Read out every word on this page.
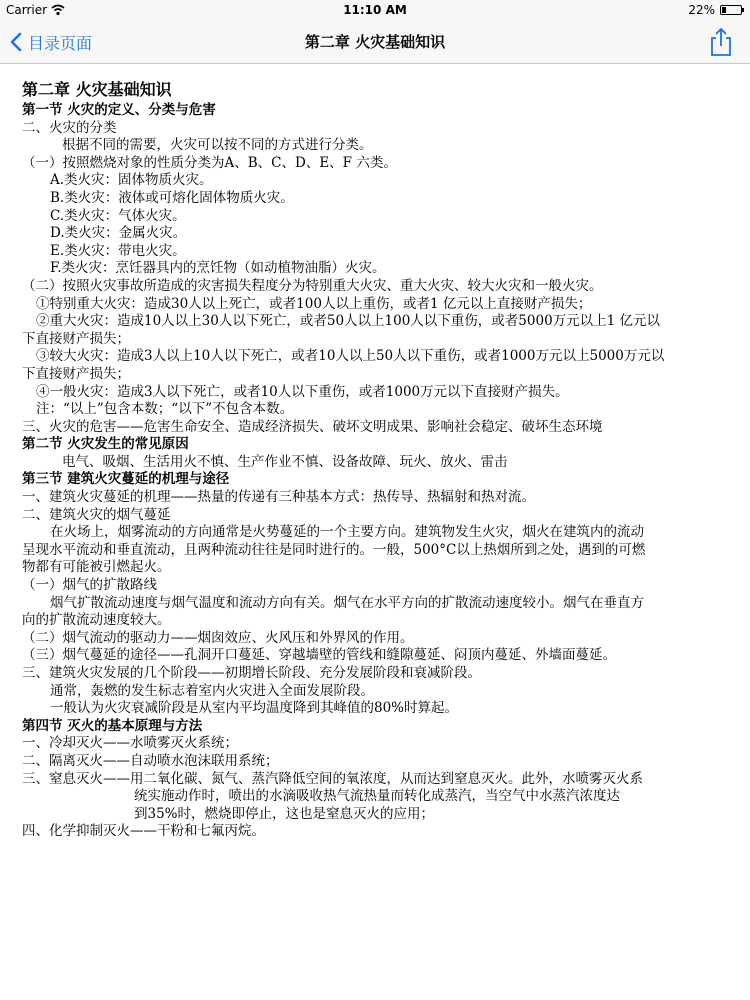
Carrier	11:10 AM	22%
目录页面	第二章 火灾基础知识
第二章 火灾基础知识
第一节 火灾的定义、分类与危害
二、火灾的分类
根据不同的需要，火灾可以按不同的方式进行分类。
（一）按照燃烧对象的性质分类为A、B、C、D、E、F 六类。
A.类火灾：固体物质火灾。
B.类火灾：液体或可熔化固体物质火灾。
C.类火灾：气体火灾。
D.类火灾：金属火灾。
E.类火灾：带电火灾。
F.类火灾：烹饪器具内的烹饪物（如动植物油脂）火灾。
（二）按照火灾事故所造成的灾害损失程度分为特别重大火灾、重大火灾、较大火灾和一般火灾。
①特别重大火灾：造成30人以上死亡，或者100人以上重伤，或者1 亿元以上直接财产损失；
②重大火灾：造成10人以上30人以下死亡，或者50人以上100人以下重伤，或者5000万元以上1 亿元以
下直接财产损失；
③较大火灾：造成3人以上10人以下死亡，或者10人以上50人以下重伤，或者1000万元以上5000万元以
下直接财产损失；
④一般火灾：造成3人以下死亡，或者10人以下重伤，或者1000万元以下直接财产损失。
注：“以上”包含本数；“以下”不包含本数。
三、火灾的危害——危害生命安全、造成经济损失、破坏文明成果、影响社会稳定、破坏生态环境
第二节 火灾发生的常见原因
电气、吸烟、生活用火不慎、生产作业不慎、设备故障、玩火、放火、雷击
第三节 建筑火灾蔓延的机理与途径
一、建筑火灾蔓延的机理——热量的传递有三种基本方式：热传导、热辐射和热对流。
二、建筑火灾的烟气蔓延
在火场上，烟雾流动的方向通常是火势蔓延的一个主要方向。建筑物发生火灾，烟火在建筑内的流动
呈现水平流动和垂直流动，且两种流动往往是同时进行的。一般，500°C以上热烟所到之处，遇到的可燃
物都有可能被引燃起火。
（一）烟气的扩散路线
烟气扩散流动速度与烟气温度和流动方向有关。烟气在水平方向的扩散流动速度较小。烟气在垂直方
向的扩散流动速度较大。
（二）烟气流动的驱动力——烟囱效应、火风压和外界风的作用。
（三）烟气蔓延的途径——孔洞开口蔓延、穿越墙壁的管线和缝隙蔓延、闷顶内蔓延、外墙面蔓延。
三、建筑火灾发展的几个阶段——初期增长阶段、充分发展阶段和衰减阶段。
通常，轰燃的发生标志着室内火灾进入全面发展阶段。
一般认为火灾衰减阶段是从室内平均温度降到其峰值的80%时算起。
第四节 灭火的基本原理与方法
一、冷却灭火——水喷雾灭火系统；
二、隔离灭火——自动喷水泡沫联用系统；
三、窒息灭火——用二氧化碳、氮气、蒸汽降低空间的氧浓度，从而达到窒息灭火。此外，水喷雾灭火系
统实施动作时，喷出的水滴吸收热气流热量而转化成蒸汽，当空气中水蒸汽浓度达
到35%时，燃烧即停止，这也是窒息灭火的应用；
四、化学抑制灭火——干粉和七氟丙烷。
